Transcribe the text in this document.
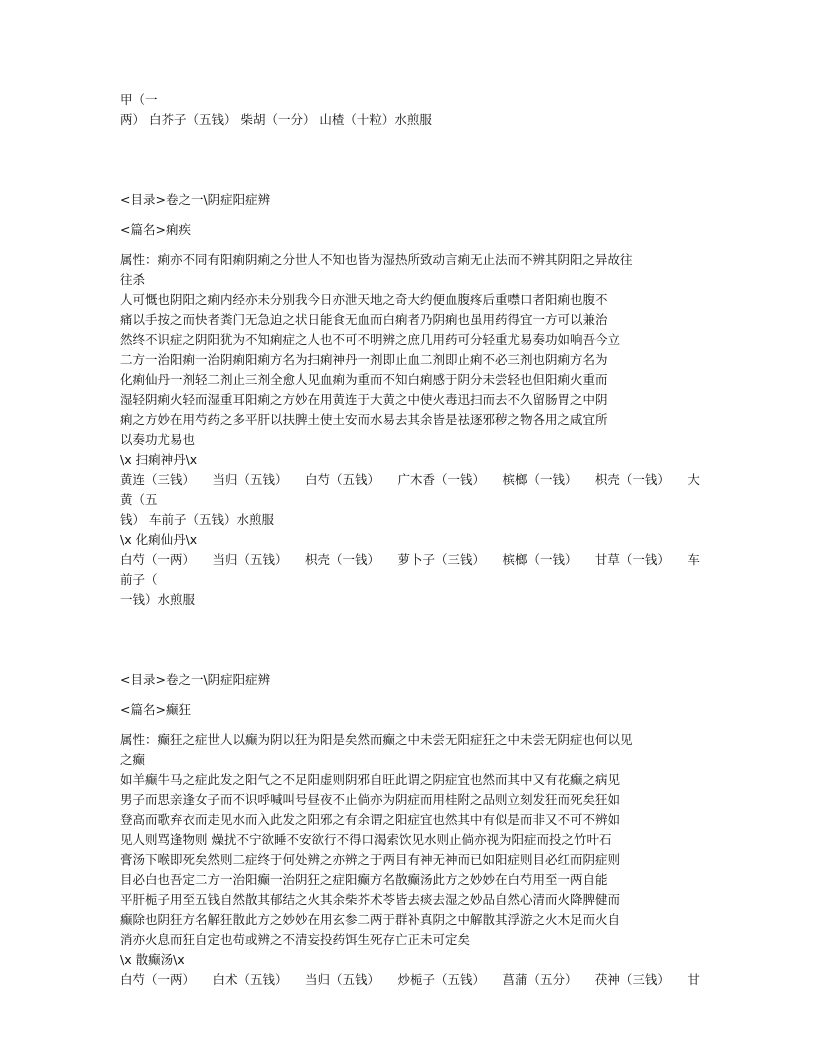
甲（一
两） 白芥子（五钱） 柴胡（一分） 山楂（十粒）水煎服
<目录>卷之一\阴症阳症辨
<篇名>痢疾
属性：痢亦不同有阳痢阴痢之分世人不知也皆为湿热所致动言痢无止法而不辨其阴阳之异故往
往杀
人可慨也阴阳之痢内经亦未分别我今日亦泄天地之奇大约便血腹疼后重噤口者阳痢也腹不
痛以手按之而快者粪门无急迫之状日能食无血而白痢者乃阴痢也虽用药得宜一方可以兼治
然终不识症之阴阳犹为不知痢症之人也不可不明辨之庶几用药可分轻重尤易奏功如响吾今立
二方一治阳痢一治阴痢阳痢方名为扫痢神丹一剂即止血二剂即止痢不必三剂也阴痢方名为
化痢仙丹一剂轻二剂止三剂全愈人见血痢为重而不知白痢感于阴分未尝轻也但阳痢火重而
湿轻阴痢火轻而湿重耳阳痢之方妙在用黄连于大黄之中使火毒迅扫而去不久留肠胃之中阴
痢之方妙在用芍药之多平肝以扶脾土使土安而水易去其余皆是祛逐邪秽之物各用之咸宜所
以奏功尤易也
\x 扫痢神丹\x
黄连（三钱） 当归（五钱） 白芍（五钱） 广木香（一钱） 槟榔（一钱） 枳壳（一钱） 大
黄（五
钱） 车前子（五钱）水煎服
\x 化痢仙丹\x
白芍（一两） 当归（五钱） 枳壳（一钱） 萝卜子（三钱） 槟榔（一钱） 甘草（一钱） 车
前子（
一钱）水煎服
<目录>卷之一\阴症阳症辨
<篇名>癫狂
属性：癫狂之症世人以癫为阴以狂为阳是矣然而癫之中未尝无阳症狂之中未尝无阴症也何以见
之癫
如羊癫牛马之症此发之阳气之不足阳虚则阴邪自旺此谓之阴症宜也然而其中又有花癫之病见
男子而思亲逢女子而不识呼喊叫号昼夜不止倘亦为阴症而用桂附之品则立刻发狂而死矣狂如
登高而歌弃衣而走见水而入此发之阳邪之有余谓之阳症宜也然其中有似是而非又不可不辨如
见人则骂逢物则 燥扰不宁欲睡不安欲行不得口渴索饮见水则止倘亦视为阳症而投之竹叶石
膏汤下喉即死矣然则二症终于何处辨之亦辨之于两目有神无神而已如阳症则目必红而阴症则
目必白也吾定二方一治阳癫一治阴狂之症阳癫方名散癫汤此方之妙妙在白芍用至一两自能
平肝栀子用至五钱自然散其郁结之火其余柴芥术苓皆去痰去湿之妙品自然心清而火降脾健而
癫除也阴狂方名解狂散此方之妙妙在用玄参二两于群补真阴之中解散其浮游之火木足而火自
消亦火息而狂自定也苟或辨之不清妄投药饵生死存亡正未可定矣
\x 散癫汤\x
白芍（一两） 白术（五钱） 当归（五钱） 炒栀子（五钱） 菖蒲（五分） 茯神（三钱） 甘
